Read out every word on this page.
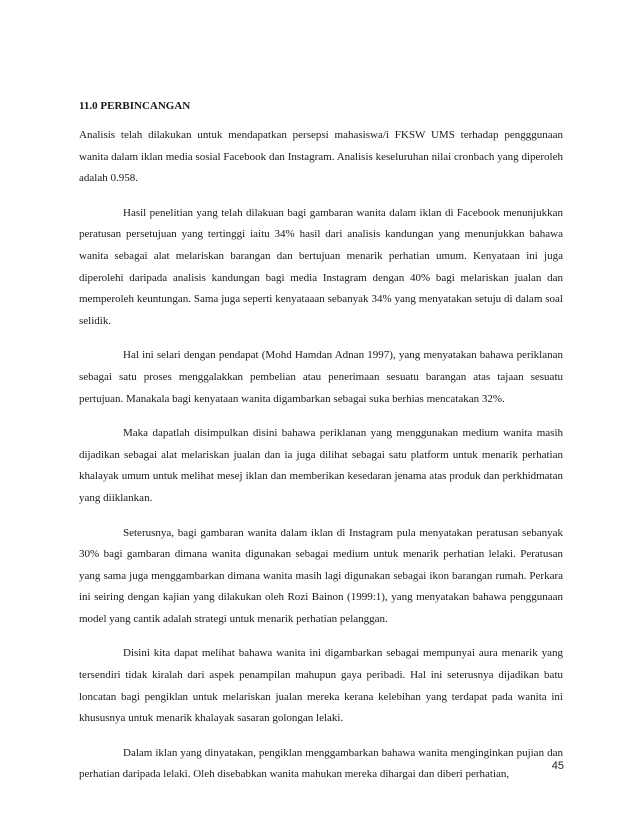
11.0 PERBINCANGAN

Analisis telah dilakukan untuk mendapatkan persepsi mahasiswa/i FKSW UMS terhadap pengggunaan wanita dalam iklan media sosial Facebook dan Instagram. Analisis keseluruhan nilai cronbach yang diperoleh adalah 0.958.

Hasil penelitian yang telah dilakuan bagi gambaran wanita dalam iklan di Facebook menunjukkan peratusan persetujuan yang tertinggi iaitu 34% hasil dari analisis kandungan yang menunjukkan bahawa wanita sebagai alat melariskan barangan dan bertujuan menarik perhatian umum. Kenyataan ini juga diperolehi daripada analisis kandungan bagi media Instagram dengan 40% bagi melariskan jualan dan memperoleh keuntungan. Sama juga seperti kenyataaan sebanyak 34% yang menyatakan setuju di dalam soal selidik.

Hal ini selari dengan pendapat (Mohd Hamdan Adnan 1997), yang menyatakan bahawa periklanan sebagai satu proses menggalakkan pembelian atau penerimaan sesuatu barangan atas tajaan sesuatu pertujuan. Manakala bagi kenyataan wanita digambarkan sebagai suka berhias mencatakan 32%.

Maka dapatlah disimpulkan disini bahawa periklanan yang menggunakan medium wanita masih dijadikan sebagai alat melariskan jualan dan ia juga dilihat sebagai satu platform untuk menarik perhatian khalayak umum untuk melihat mesej iklan dan memberikan kesedaran jenama atas produk dan perkhidmatan yang diiklankan.

Seterusnya, bagi gambaran wanita dalam iklan di Instagram pula menyatakan peratusan sebanyak 30% bagi gambaran dimana wanita digunakan sebagai medium untuk menarik perhatian lelaki. Peratusan yang sama juga menggambarkan dimana wanita masih lagi digunakan sebagai ikon barangan rumah. Perkara ini seiring dengan kajian yang dilakukan oleh Rozi Bainon (1999:1), yang menyatakan bahawa penggunaan model yang cantik adalah strategi untuk menarik perhatian pelanggan.

Disini kita dapat melihat bahawa wanita ini digambarkan sebagai mempunyai aura menarik yang tersendiri tidak kiralah dari aspek penampilan mahupun gaya peribadi. Hal ini seterusnya dijadikan batu loncatan bagi pengiklan untuk melariskan jualan mereka kerana kelebihan yang terdapat pada wanita ini khususnya untuk menarik khalayak sasaran golongan lelaki.

Dalam iklan yang dinyatakan, pengiklan menggambarkan bahawa wanita menginginkan pujian dan perhatian daripada lelaki. Oleh disebabkan wanita mahukan mereka dihargai dan diberi perhatian,

45
